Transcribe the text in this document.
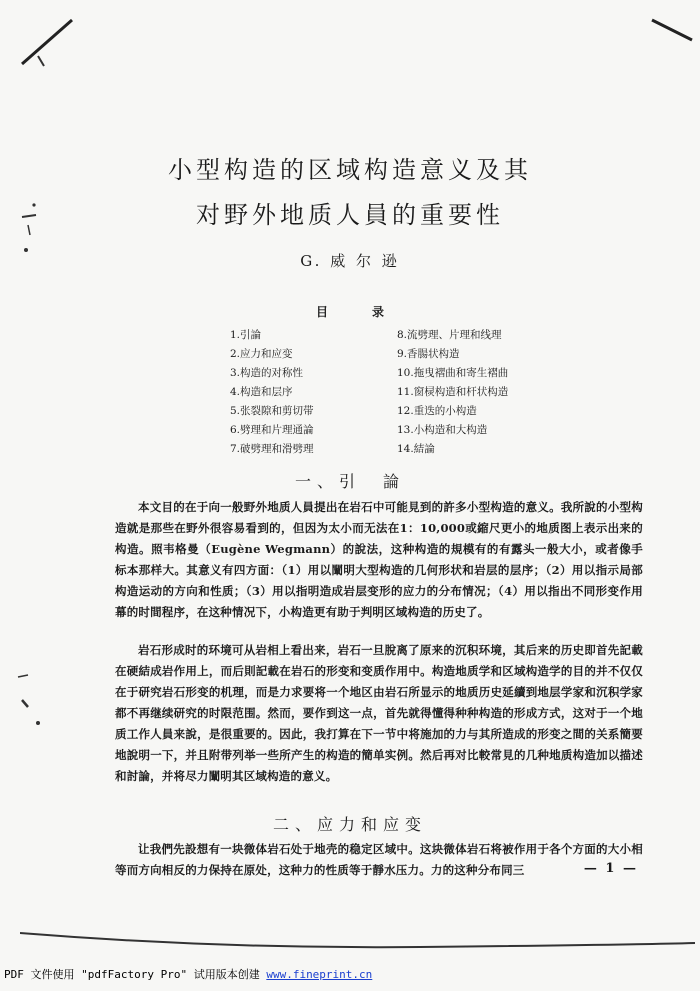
小型构造的区域构造意义及其
对野外地质人員的重要性
G. 威 尔 逊
目	录
1.引論
2.应力和应变
3.构造的对称性
4.构造和层序
5.张裂隙和剪切带
6.劈理和片理通論
7.破劈理和滑劈理
8.流劈理、片理和线理
9.香腸状构造
10.拖曳褶曲和寄生褶曲
11.窗棂构造和杆状构造
12.重迭的小构造
13.小构造和大构造
14.結論
一、引　論

本文目的在于向一般野外地质人員提出在岩石中可能見到的許多小型构造的意义。我所說的小型构造就是那些在野外很容易看到的，但因为太小而无法在1：10,000或縮尺更小的地质图上表示出来的构造。照韦格曼（Eugène Wegmann）的說法，这种构造的規模有的有露头一般大小，或者像手标本那样大。其意义有四方面：（1）用以闡明大型构造的几何形状和岩层的层序；（2）用以指示局部构造运动的方向和性质；（3）用以指明造成岩层变形的应力的分布情况；（4）用以指出不同形变作用幕的时間程序，在这种情况下，小构造更有助于判明区域构造的历史了。

岩石形成时的环境可从岩相上看出来，岩石一旦脫离了原来的沉积环境，其后来的历史即首先記載在硬結成岩作用上，而后則記載在岩石的形变和变质作用中。构造地质学和区域构造学的目的并不仅仅在于研究岩石形变的机理，而是力求要将一个地区由岩石所显示的地质历史延續到地层学家和沉积学家都不再继续研究的时限范围。然而，要作到这一点，首先就得懂得种种构造的形成方式，这对于一个地质工作人員来說，是很重要的。因此，我打算在下一节中将施加的力与其所造成的形变之間的关系簡要地說明一下，并且附带列举一些所产生的构造的簡单实例。然后再对比較常見的几种地质构造加以描述和討論，并将尽力闡明其区域构造的意义。

二、应力和应变

让我們先設想有一块微体岩石处于地壳的稳定区域中。这块微体岩石将被作用于各个方面的大小相等而方向相反的力保持在原处，这种力的性质等于靜水压力。力的这种分布同三	— 1 —
PDF 文件使用 "pdfFactory Pro" 试用版本创建 www.fineprint.cn
